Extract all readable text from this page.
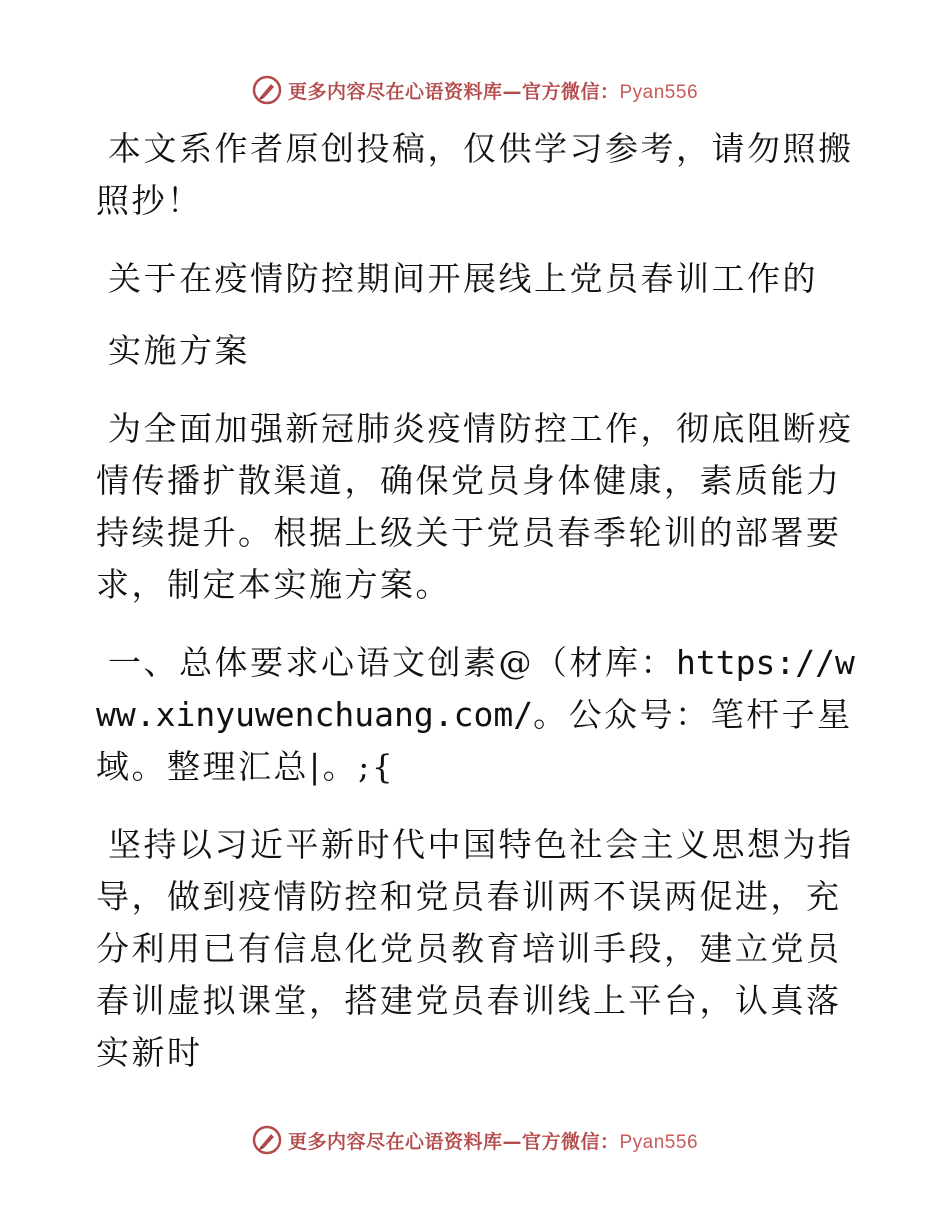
更多内容尽在心语资料库—官方微信：Pyan556

本文系作者原创投稿，仅供学习参考，请勿照搬照抄！

关于在疫情防控期间开展线上党员春训工作的

实施方案

为全面加强新冠肺炎疫情防控工作，彻底阻断疫情传播扩散渠道，确保党员身体健康，素质能力持续提升。根据上级关于党员春季轮训的部署要求，制定本实施方案。

一、总体要求心语文创素@（材库：https://www.xinyuwenchuang.com/。公众号：笔杆子星域。整理汇总|。;{

坚持以习近平新时代中国特色社会主义思想为指导，做到疫情防控和党员春训两不误两促进，充分利用已有信息化党员教育培训手段，建立党员春训虚拟课堂，搭建党员春训线上平台，认真落实新时

更多内容尽在心语资料库—官方微信：Pyan556
